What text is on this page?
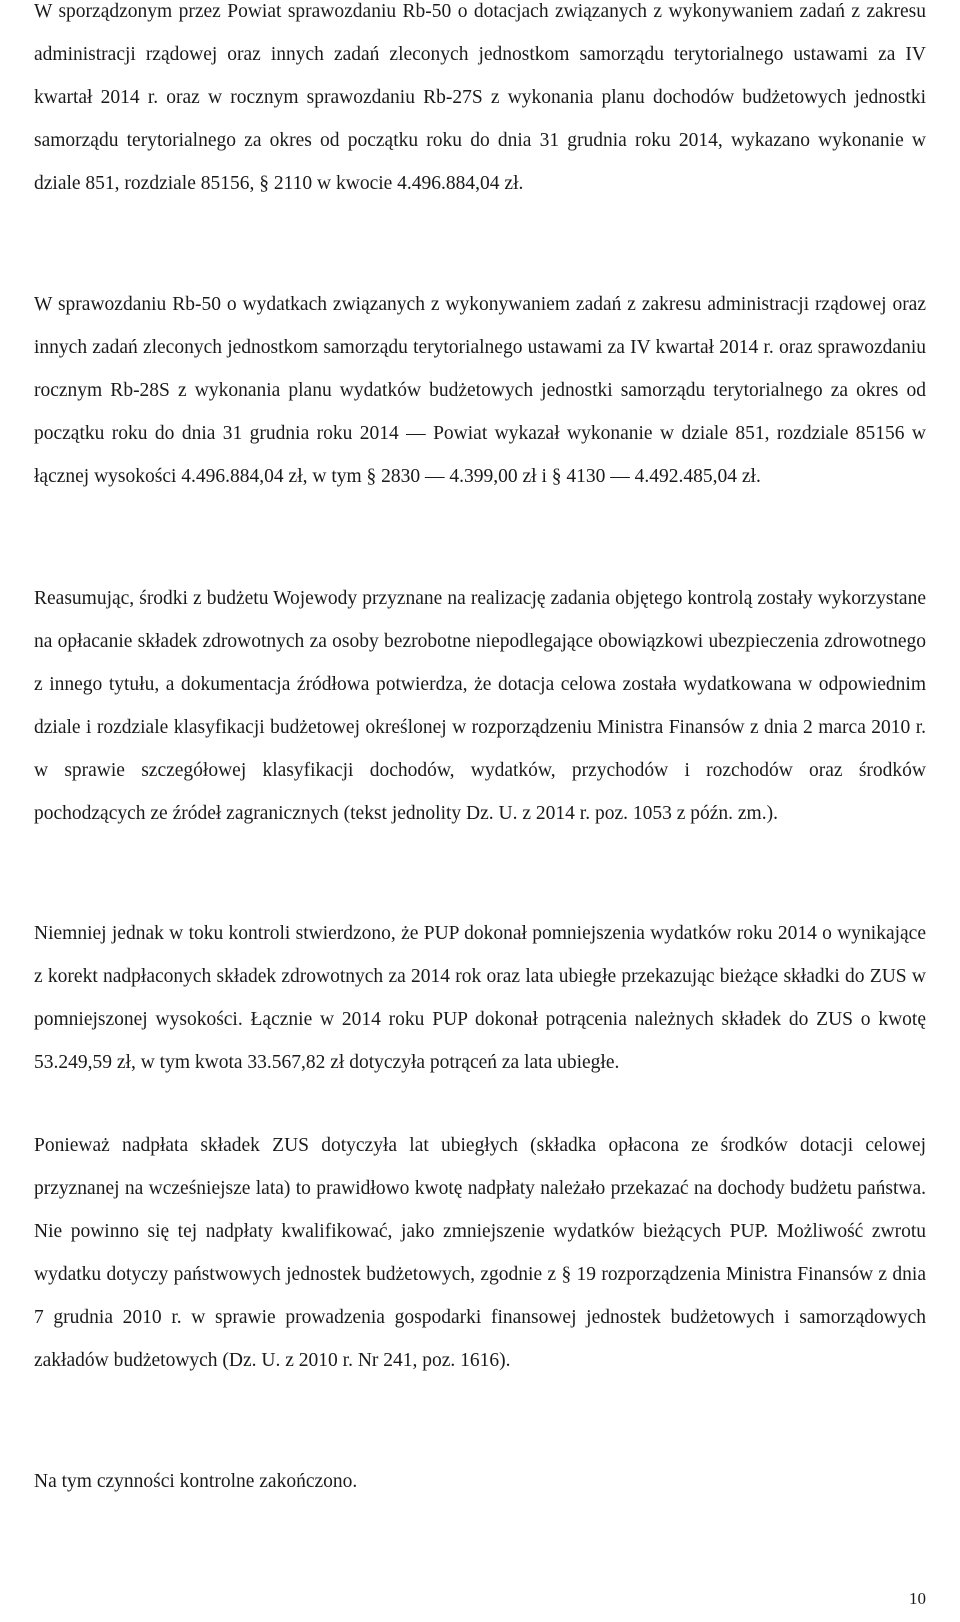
W sporządzonym przez Powiat sprawozdaniu Rb-50 o dotacjach związanych z wykonywaniem zadań z zakresu administracji rządowej oraz innych zadań zleconych jednostkom samorządu terytorialnego ustawami za IV kwartał 2014 r. oraz w rocznym sprawozdaniu Rb-27S z wykonania planu dochodów budżetowych jednostki samorządu terytorialnego za okres od początku roku do dnia 31 grudnia roku 2014, wykazano wykonanie w dziale 851, rozdziale 85156, § 2110 w kwocie 4.496.884,04 zł.

W sprawozdaniu Rb-50 o wydatkach związanych z wykonywaniem zadań z zakresu administracji rządowej oraz innych zadań zleconych jednostkom samorządu terytorialnego ustawami za IV kwartał 2014 r. oraz sprawozdaniu rocznym Rb-28S z wykonania planu wydatków budżetowych jednostki samorządu terytorialnego za okres od początku roku do dnia 31 grudnia roku 2014 — Powiat wykazał wykonanie w dziale 851, rozdziale 85156 w łącznej wysokości 4.496.884,04 zł, w tym § 2830 — 4.399,00 zł i § 4130 — 4.492.485,04 zł.

Reasumując, środki z budżetu Wojewody przyznane na realizację zadania objętego kontrolą zostały wykorzystane na opłacanie składek zdrowotnych za osoby bezrobotne niepodlegające obowiązkowi ubezpieczenia zdrowotnego z innego tytułu, a dokumentacja źródłowa potwierdza, że dotacja celowa została wydatkowana w odpowiednim dziale i rozdziale klasyfikacji budżetowej określonej w rozporządzeniu Ministra Finansów z dnia 2 marca 2010 r. w sprawie szczegółowej klasyfikacji dochodów, wydatków, przychodów i rozchodów oraz środków pochodzących ze źródeł zagranicznych (tekst jednolity Dz. U. z 2014 r. poz. 1053 z późn. zm.).

Niemniej jednak w toku kontroli stwierdzono, że PUP dokonał pomniejszenia wydatków roku 2014 o wynikające z korekt nadpłaconych składek zdrowotnych za 2014 rok oraz lata ubiegłe przekazując bieżące składki do ZUS w pomniejszonej wysokości. Łącznie w 2014 roku PUP dokonał potrącenia należnych składek do ZUS o kwotę 53.249,59 zł, w tym kwota 33.567,82 zł dotyczyła potrąceń za lata ubiegłe.

Ponieważ nadpłata składek ZUS dotyczyła lat ubiegłych (składka opłacona ze środków dotacji celowej przyznanej na wcześniejsze lata) to prawidłowo kwotę nadpłaty należało przekazać na dochody budżetu państwa. Nie powinno się tej nadpłaty kwalifikować, jako zmniejszenie wydatków bieżących PUP. Możliwość zwrotu wydatku dotyczy państwowych jednostek budżetowych, zgodnie z § 19 rozporządzenia Ministra Finansów z dnia 7 grudnia 2010 r. w sprawie prowadzenia gospodarki finansowej jednostek budżetowych i samorządowych zakładów budżetowych (Dz. U. z 2010 r. Nr 241, poz. 1616).

Na tym czynności kontrolne zakończono.

10
